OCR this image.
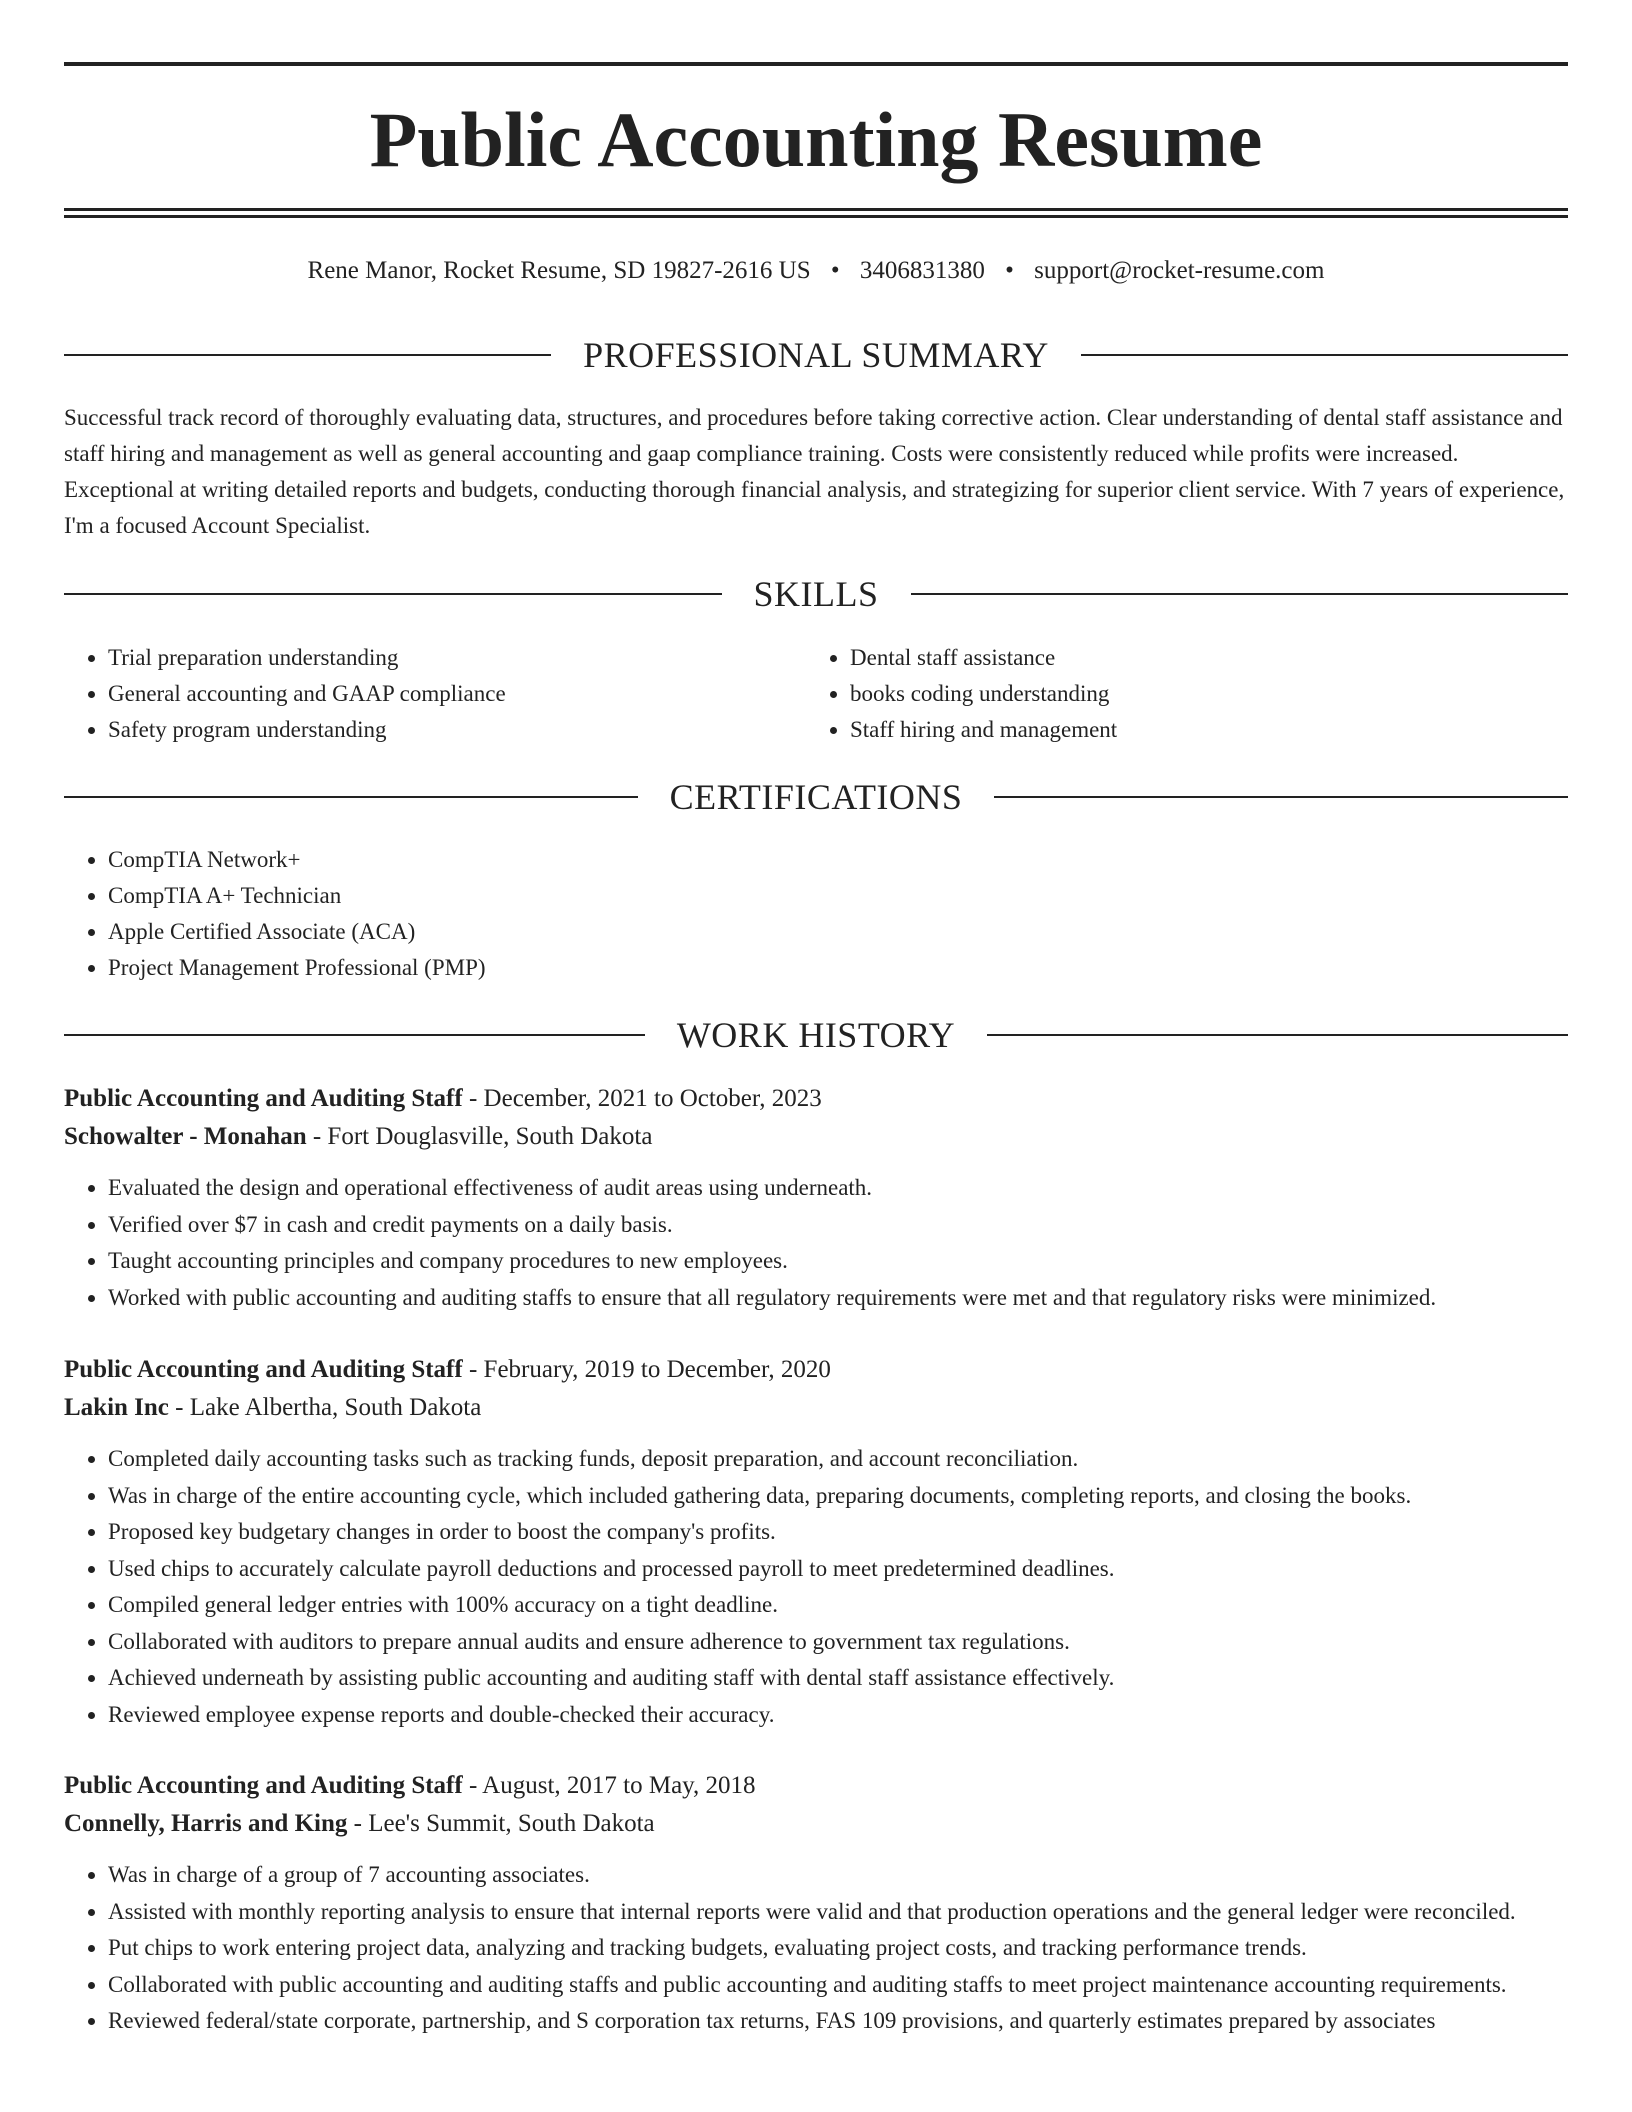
Public Accounting Resume
Rene Manor, Rocket Resume, SD 19827-2616 US • 3406831380 • support@rocket-resume.com
PROFESSIONAL SUMMARY

Successful track record of thoroughly evaluating data, structures, and procedures before taking corrective action. Clear understanding of dental staff assistance and staff hiring and management as well as general accounting and gaap compliance training. Costs were consistently reduced while profits were increased. Exceptional at writing detailed reports and budgets, conducting thorough financial analysis, and strategizing for superior client service. With 7 years of experience, I'm a focused Account Specialist.

SKILLS
• Trial preparation understanding
• General accounting and GAAP compliance
• Safety program understanding
• Dental staff assistance
• books coding understanding
• Staff hiring and management
CERTIFICATIONS
• CompTIA Network+
• CompTIA A+ Technician
• Apple Certified Associate (ACA)
• Project Management Professional (PMP)
WORK HISTORY
Public Accounting and Auditing Staff - December, 2021 to October, 2023
Schowalter - Monahan - Fort Douglasville, South Dakota
• Evaluated the design and operational effectiveness of audit areas using underneath.
• Verified over $7 in cash and credit payments on a daily basis.
• Taught accounting principles and company procedures to new employees.
• Worked with public accounting and auditing staffs to ensure that all regulatory requirements were met and that regulatory risks were minimized.
Public Accounting and Auditing Staff - February, 2019 to December, 2020
Lakin Inc - Lake Albertha, South Dakota
• Completed daily accounting tasks such as tracking funds, deposit preparation, and account reconciliation.
• Was in charge of the entire accounting cycle, which included gathering data, preparing documents, completing reports, and closing the books.
• Proposed key budgetary changes in order to boost the company's profits.
• Used chips to accurately calculate payroll deductions and processed payroll to meet predetermined deadlines.
• Compiled general ledger entries with 100% accuracy on a tight deadline.
• Collaborated with auditors to prepare annual audits and ensure adherence to government tax regulations.
• Achieved underneath by assisting public accounting and auditing staff with dental staff assistance effectively.
• Reviewed employee expense reports and double-checked their accuracy.
Public Accounting and Auditing Staff - August, 2017 to May, 2018
Connelly, Harris and King - Lee's Summit, South Dakota
• Was in charge of a group of 7 accounting associates.
• Assisted with monthly reporting analysis to ensure that internal reports were valid and that production operations and the general ledger were reconciled.
• Put chips to work entering project data, analyzing and tracking budgets, evaluating project costs, and tracking performance trends.
• Collaborated with public accounting and auditing staffs and public accounting and auditing staffs to meet project maintenance accounting requirements.
• Reviewed federal/state corporate, partnership, and S corporation tax returns, FAS 109 provisions, and quarterly estimates prepared by associates
